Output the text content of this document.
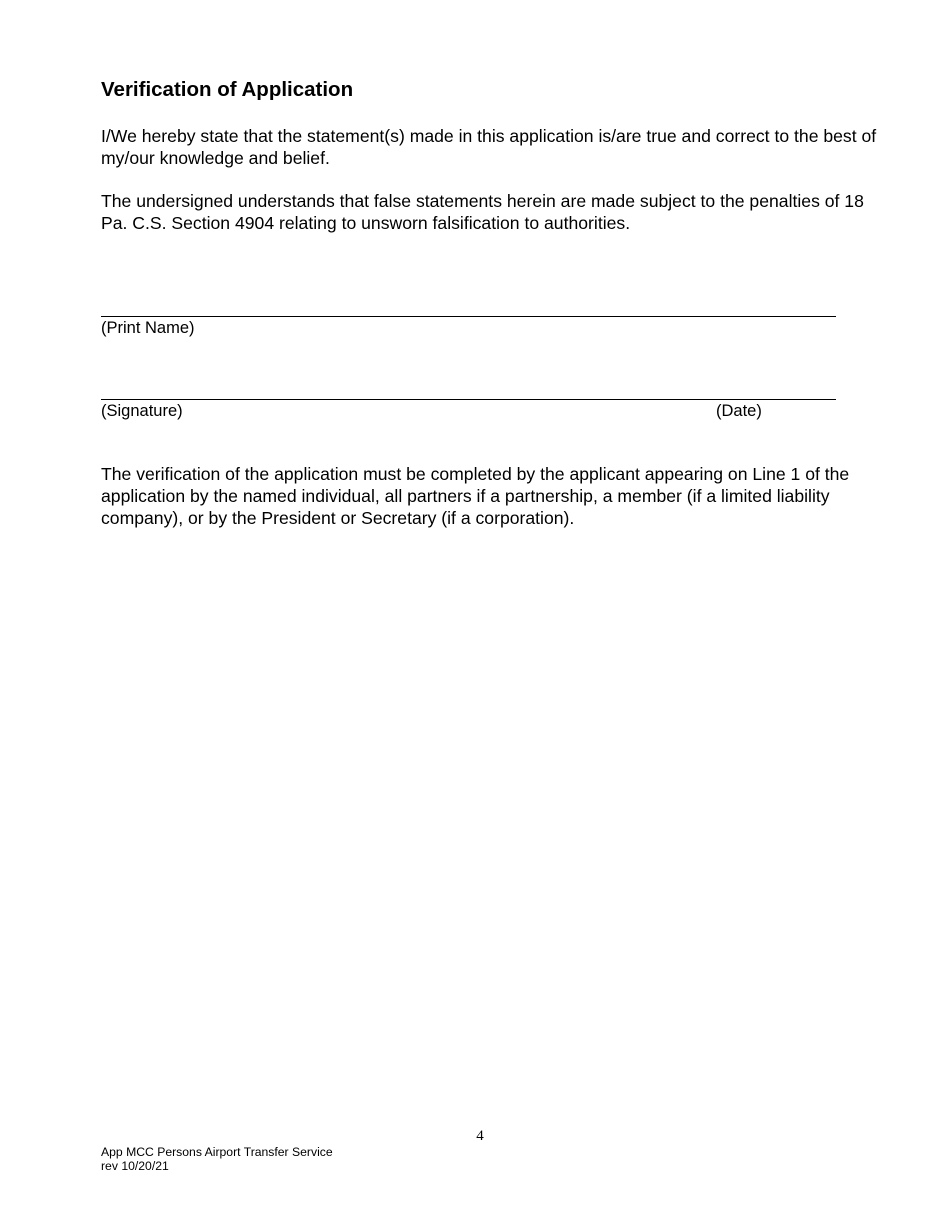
Verification of Application

I/We hereby state that the statement(s) made in this application is/are true and correct to the best of my/our knowledge and belief.

The undersigned understands that false statements herein are made subject to the penalties of 18 Pa. C.S. Section 4904 relating to unsworn falsification to authorities.

(Print Name)
(Signature)	(Date)

The verification of the application must be completed by the applicant appearing on Line 1 of the application by the named individual, all partners if a partnership, a member (if a limited liability company), or by the President or Secretary (if a corporation).

4
App MCC Persons Airport Transfer Service
rev 10/20/21
